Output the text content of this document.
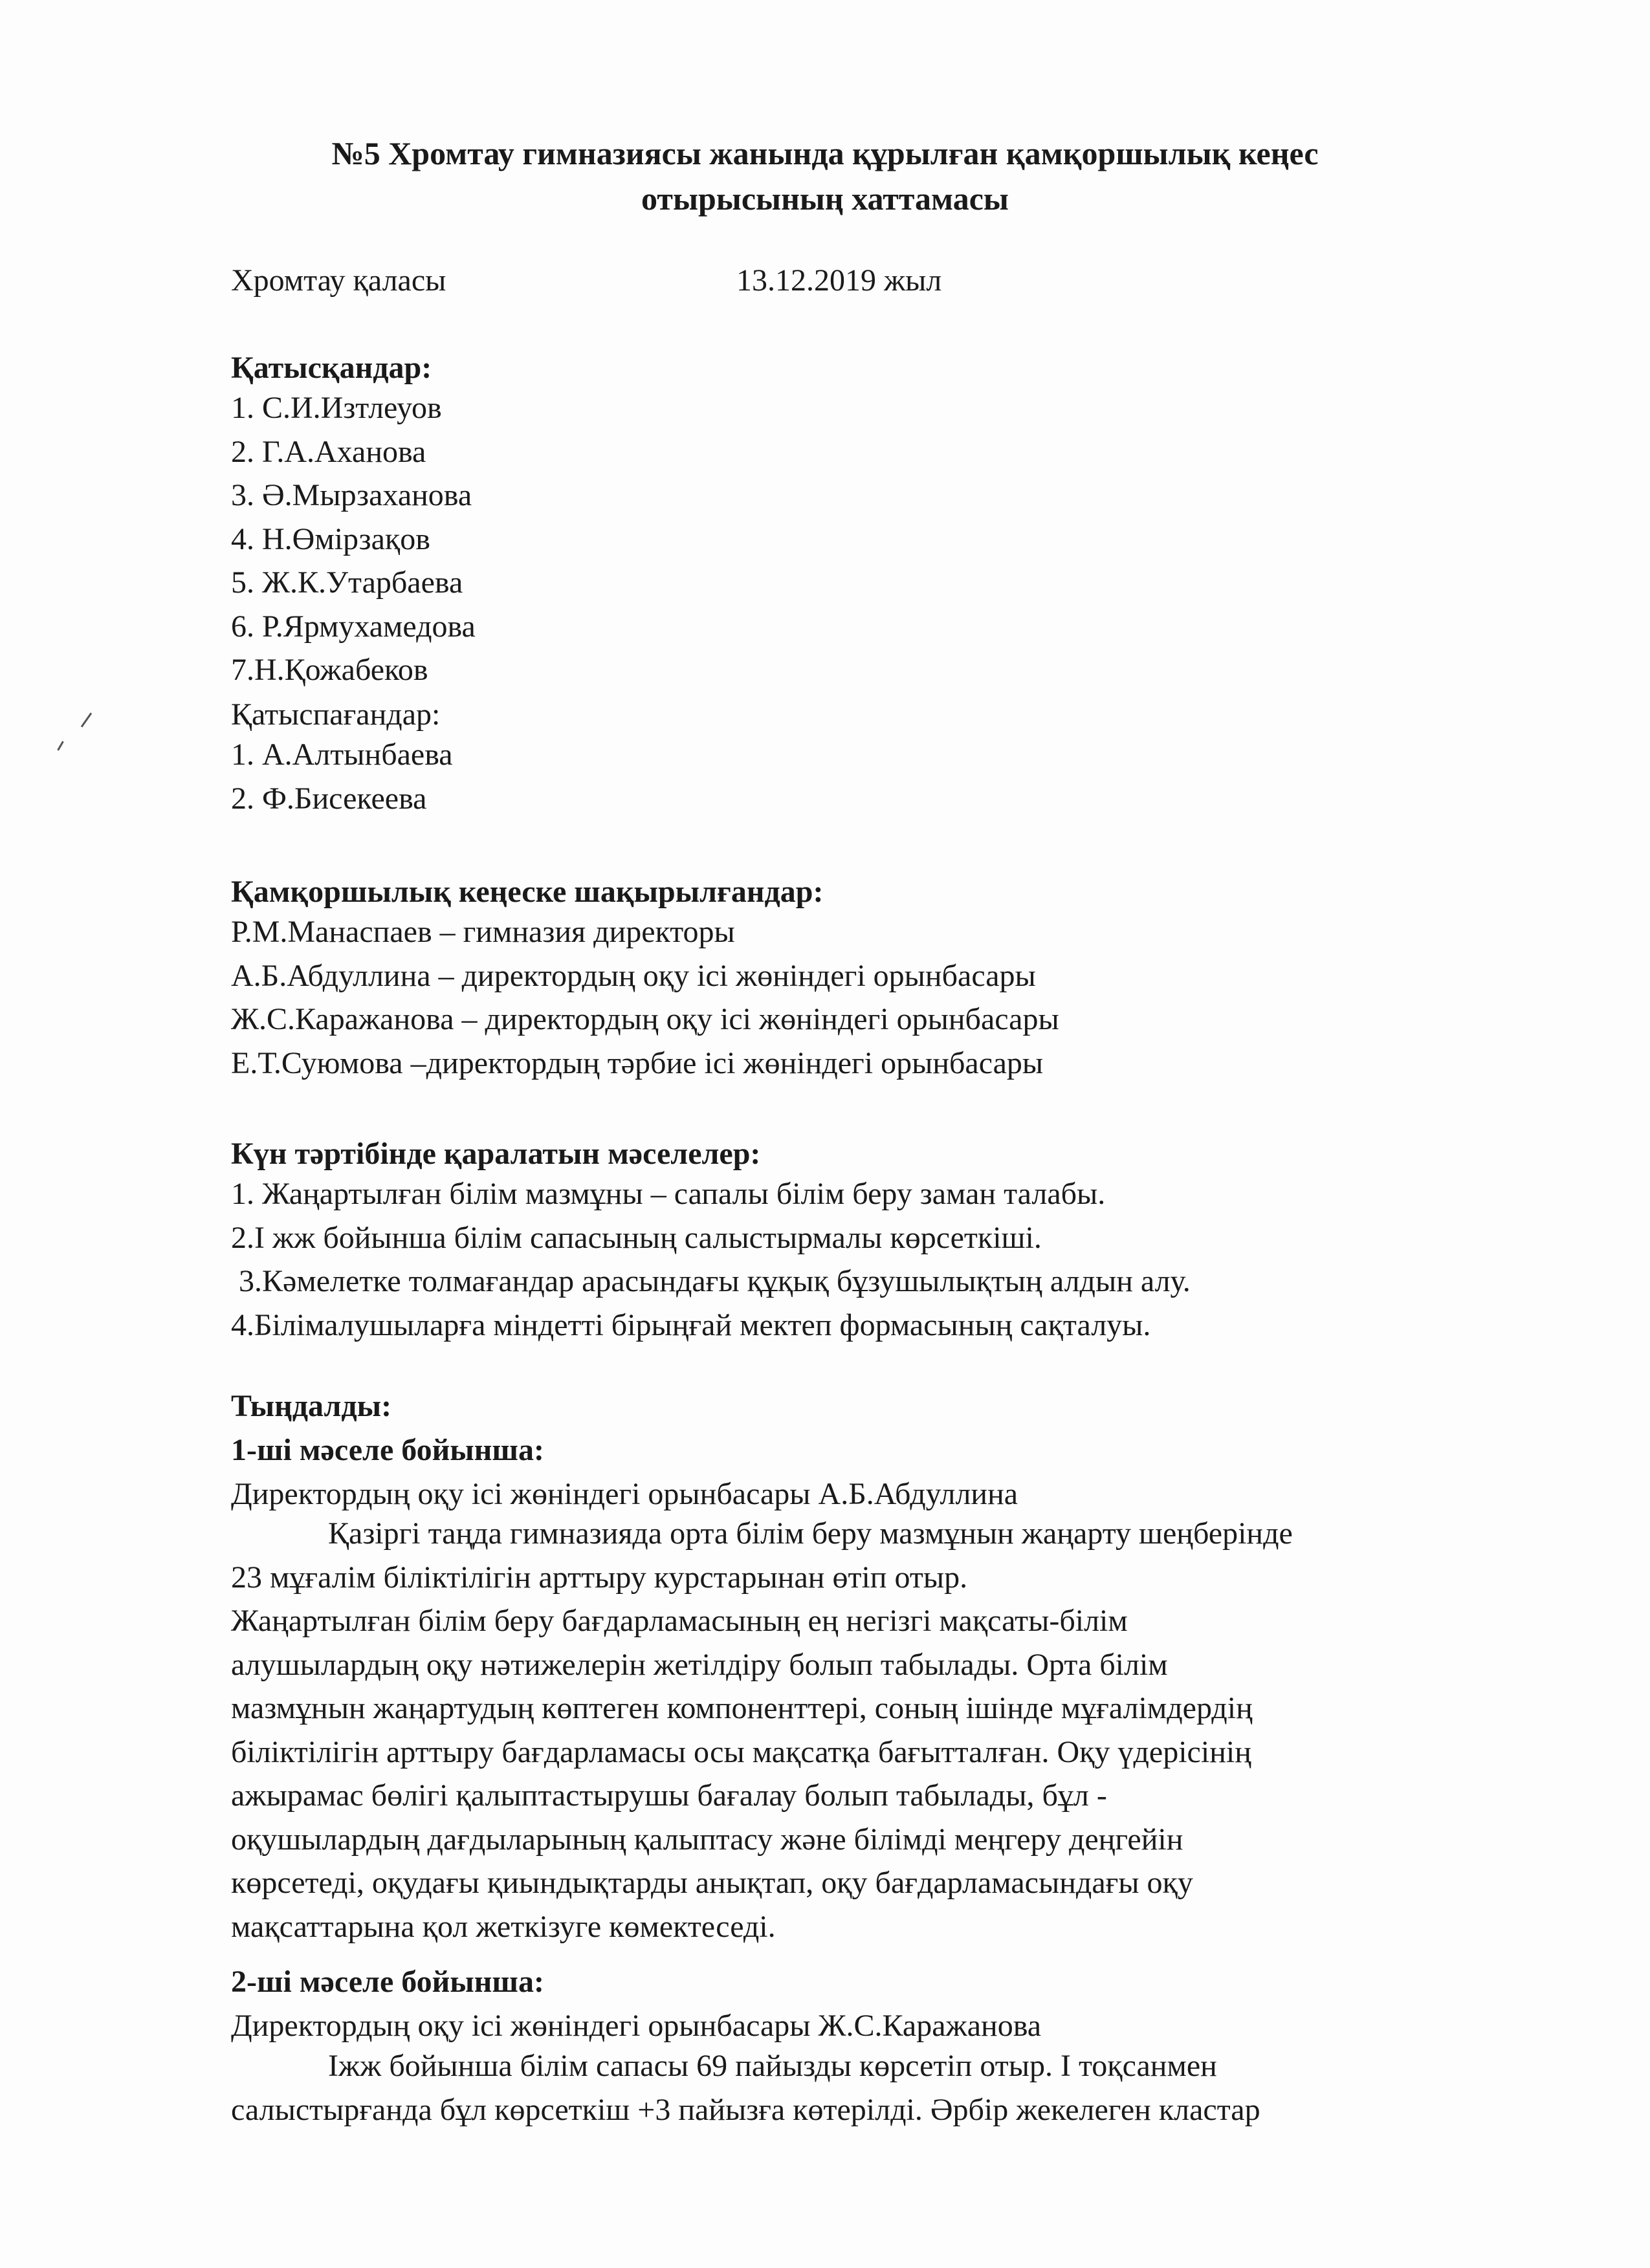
№5 Хромтау гимназиясы жанында құрылған қамқоршылық кеңес
отырысының хаттамасы
Хромтау қаласы	13.12.2019 жыл
Қатысқандар:
1. С.И.Изтлеуов
2. Г.А.Аханова
3. Ә.Мырзаханова
4. Н.Өмірзақов
5. Ж.К.Утарбаева
6. Р.Ярмухамедова
7.Н.Қожабеков
Қатыспағандар:
1. А.Алтынбаева
2. Ф.Бисекеева
Қамқоршылық кеңеске шақырылғандар:
Р.М.Манаспаев – гимназия директоры
А.Б.Абдуллина – директордың оқу ісі жөніндегі орынбасары
Ж.С.Каражанова – директордың оқу ісі жөніндегі орынбасары
Е.Т.Суюмова –директордың тәрбие ісі жөніндегі орынбасары
Күн тәртібінде қаралатын мәселелер:
1. Жаңартылған білім мазмұны – сапалы білім беру заман талабы.
2.І жж бойынша білім сапасының салыстырмалы көрсеткіші.
3.Кәмелетке толмағандар арасындағы құқық бұзушылықтың алдын алу.
4.Білімалушыларға міндетті бірыңғай мектеп формасының сақталуы.
Тыңдалды:
1-ші мәселе бойынша:
Директордың оқу ісі жөніндегі орынбасары А.Б.Абдуллина
Қазіргі таңда гимназияда орта білім беру мазмұнын жаңарту шеңберінде
23 мұғалім біліктілігін арттыру курстарынан өтіп отыр.
Жаңартылған білім беру бағдарламасының ең негізгі мақсаты-білім
алушылардың оқу нәтижелерін жетілдіру болып табылады. Орта білім
мазмұнын жаңартудың көптеген компоненттері, соның ішінде мұғалімдердің
біліктілігін арттыру бағдарламасы осы мақсатқа бағытталған. Оқу үдерісінің
ажырамас бөлігі қалыптастырушы бағалау болып табылады, бұл -
оқушылардың дағдыларының қалыптасу және білімді меңгеру деңгейін
көрсетеді, оқудағы қиындықтарды анықтап, оқу бағдарламасындағы оқу
мақсаттарына қол жеткізуге көмектеседі.
2-ші мәселе бойынша:
Директордың оқу ісі жөніндегі орынбасары Ж.С.Каражанова
Іжж бойынша білім сапасы 69 пайызды көрсетіп отыр. І тоқсанмен
салыстырғанда бұл көрсеткіш +3 пайызға көтерілді. Әрбір жекелеген кластар
